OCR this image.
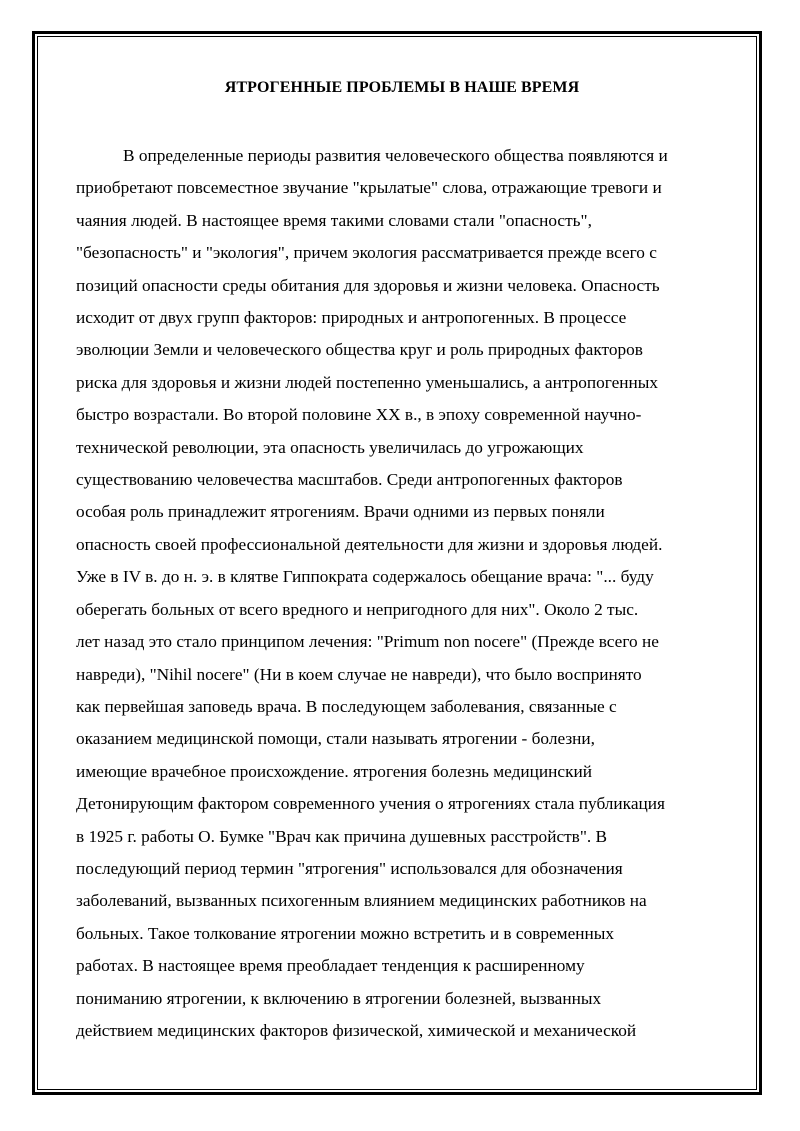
ЯТРОГЕННЫЕ ПРОБЛЕМЫ В НАШЕ ВРЕМЯ

В определенные периоды развития человеческого общества появляются и
приобретают повсеместное звучание "крылатые" слова, отражающие тревоги и
чаяния людей. В настоящее время такими словами стали "опасность",
"безопасность" и "экология", причем экология рассматривается прежде всего с
позиций опасности среды обитания для здоровья и жизни человека. Опасность
исходит от двух групп факторов: природных и антропогенных. В процессе
эволюции Земли и человеческого общества круг и роль природных факторов
риска для здоровья и жизни людей постепенно уменьшались, а антропогенных
быстро возрастали. Во второй половине XX в., в эпоху современной научно-
технической революции, эта опасность увеличилась до угрожающих
существованию человечества масштабов. Среди антропогенных факторов
особая роль принадлежит ятрогениям. Врачи одними из первых поняли
опасность своей профессиональной деятельности для жизни и здоровья людей.
Уже в IV в. до н. э. в клятве Гиппократа содержалось обещание врача: "... буду
оберегать больных от всего вредного и непригодного для них". Около 2 тыс.
лет назад это стало принципом лечения: "Primum non nocere" (Прежде всего не
навреди), "Nihil nocere" (Ни в коем случае не навреди), что было воспринято
как первейшая заповедь врача. В последующем заболевания, связанные с
оказанием медицинской помощи, стали называть ятрогении - болезни,
имеющие врачебное происхождение. ятрогения болезнь медицинский
Детонирующим фактором современного учения о ятрогениях стала публикация
в 1925 г. работы О. Бумке "Врач как причина душевных расстройств". В
последующий период термин "ятрогения" использовался для обозначения
заболеваний, вызванных психогенным влиянием медицинских работников на
больных. Такое толкование ятрогении можно встретить и в современных
работах. В настоящее время преобладает тенденция к расширенному
пониманию ятрогении, к включению в ятрогении болезней, вызванных
действием медицинских факторов физической, химической и механической
